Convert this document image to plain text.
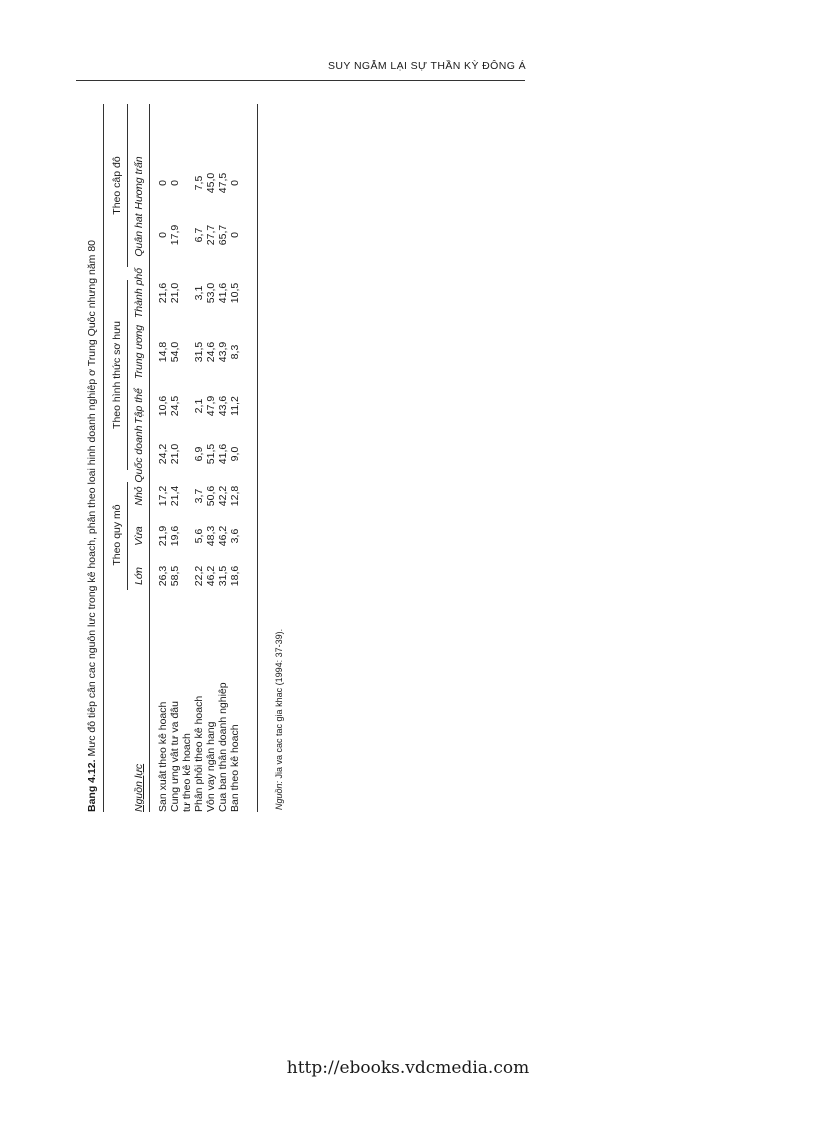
SUY NGẪM LẠI SỰ THẦN KỲ ĐÔNG Á
Bang 4.12. Mưc đô tiêp cân cac nguôn lưc trong kê hoach, phân theo loai hinh doanh nghiêp ơ Trung Quôc nhưng năm 80 Theo quy mô
Theo hình thức sơ hưu
Theo câp đô
Nguồn lực
Lớn
Vừa
Nhỏ
Quốc doanh
Tập thể
Trung ương
Thành phố
Quân hat
Hương trấn
San xuât theo kê hoach
26,3
21,9
17,2
24,2
10,6
14,8
21,6
0
0
Cung ưng vât tư va đâu tư theo kê hoach
58,5
19,6
21,4
21,0
24,5
54,0
21,0
17,9
0
Phân phôi theo kê hoach
22,2
5,6
3,7
6,9
2,1
31,5
3,1
6,7
7,5
Vôn vay ngân hang
46,2
48,3
50,6
51,5
47,9
24,6
53,0
27,7
45,0
Cua ban thân doanh nghiêp
31,5
46,2
42,2
41,6
43,6
43,9
41,6
65,7
47,5
Ban theo kê hoach
18,6
3,6
12,8
9,0
11,2
8,3
10,5
0
0
Nguồn: Jia va cac tac gia khac (1994: 37-39).
http://ebooks.vdcmedia.com
